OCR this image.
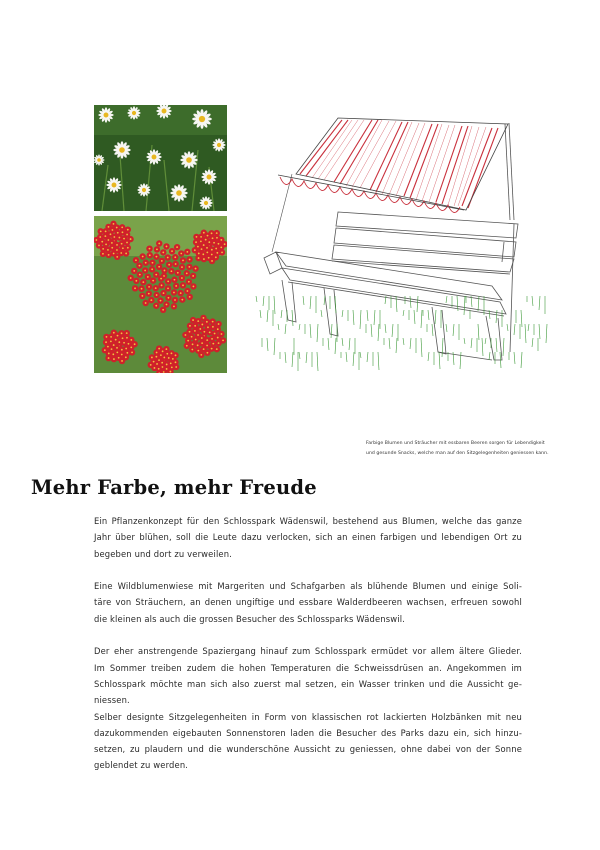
Farbige Blumen und Sträucher mit essbaren Beeren sorgen für Lebendigkeit
und gesunde Snacks, welche man auf den Sitzgelegenheiten geniessen kann.
Mehr Farbe, mehr Freude
Ein Pflanzenkonzept für den Schlosspark Wädenswil, bestehend aus Blumen, welche das ganze
Jahr über blühen, soll die Leute dazu verlocken, sich an einen farbigen und lebendigen Ort zu
begeben und dort zu verweilen.
Eine Wildblumenwiese mit Margeriten und Schafgarben als blühende Blumen und einige Soli-
täre von Sträuchern, an denen ungiftige und essbare Walderdbeeren wachsen, erfreuen sowohl
die kleinen als auch die grossen Besucher des Schlossparks Wädenswil.
Der eher anstrengende Spaziergang hinauf zum Schlosspark ermüdet vor allem ältere Glieder.
Im Sommer treiben zudem die hohen Temperaturen die Schweissdrüsen an. Angekommen im
Schlosspark möchte man sich also zuerst mal setzen, ein Wasser trinken und die Aussicht ge-
niessen.
Selber designte Sitzgelegenheiten in Form von klassischen rot lackierten Holzbänken mit neu
dazukommenden eigebauten Sonnenstoren laden die Besucher des Parks dazu ein, sich hinzu-
setzen, zu plaudern und die wunderschöne Aussicht zu geniessen, ohne dabei von der Sonne
geblendet zu werden.
